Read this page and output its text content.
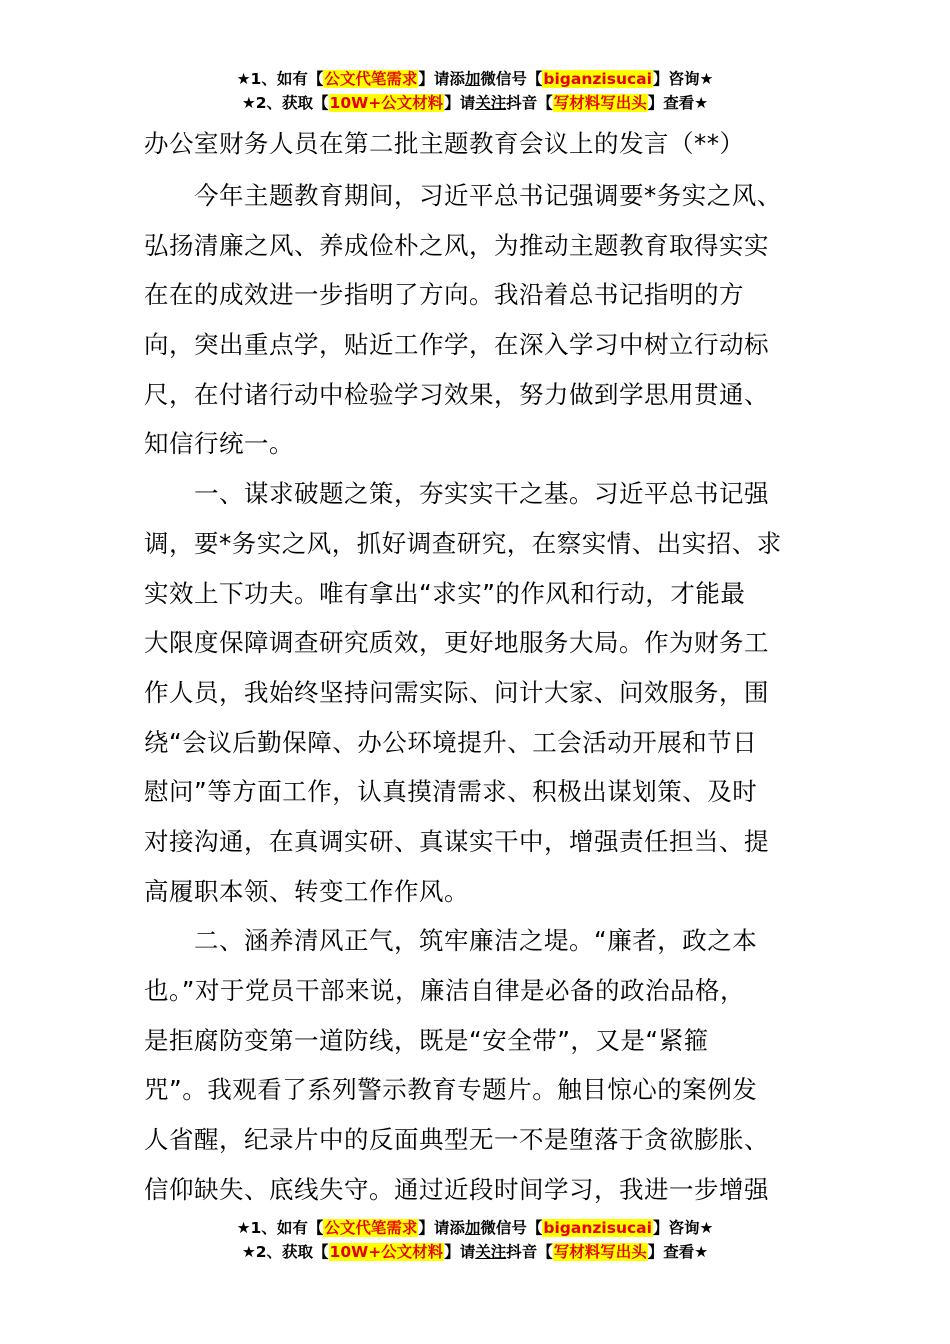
★1、如有【公文代笔需求】请添加微信号【biganzisucai】咨询★
★2、获取【10W+公文材料】请关注抖音【写材料写出头】查看★
办公室财务人员在第二批主题教育会议上的发言（**）
今年主题教育期间，习近平总书记强调要*务实之风、
弘扬清廉之风、养成俭朴之风，为推动主题教育取得实实
在在的成效进一步指明了方向。我沿着总书记指明的方
向，突出重点学，贴近工作学，在深入学习中树立行动标
尺，在付诸行动中检验学习效果，努力做到学思用贯通、
知信行统一。
一、谋求破题之策，夯实实干之基。习近平总书记强
调，要*务实之风，抓好调查研究，在察实情、出实招、求
实效上下功夫。唯有拿出“求实”的作风和行动，才能最
大限度保障调查研究质效，更好地服务大局。作为财务工
作人员，我始终坚持问需实际、问计大家、问效服务，围
绕“会议后勤保障、办公环境提升、工会活动开展和节日
慰问”等方面工作，认真摸清需求、积极出谋划策、及时
对接沟通，在真调实研、真谋实干中，增强责任担当、提
高履职本领、转变工作作风。
二、涵养清风正气，筑牢廉洁之堤。“廉者，政之本
也。”对于党员干部来说，廉洁自律是必备的政治品格，
是拒腐防变第一道防线，既是“安全带”，又是“紧箍
咒”。我观看了系列警示教育专题片。触目惊心的案例发
人省醒，纪录片中的反面典型无一不是堕落于贪欲膨胀、
信仰缺失、底线失守。通过近段时间学习，我进一步增强
★1、如有【公文代笔需求】请添加微信号【biganzisucai】咨询★
★2、获取【10W+公文材料】请关注抖音【写材料写出头】查看★
